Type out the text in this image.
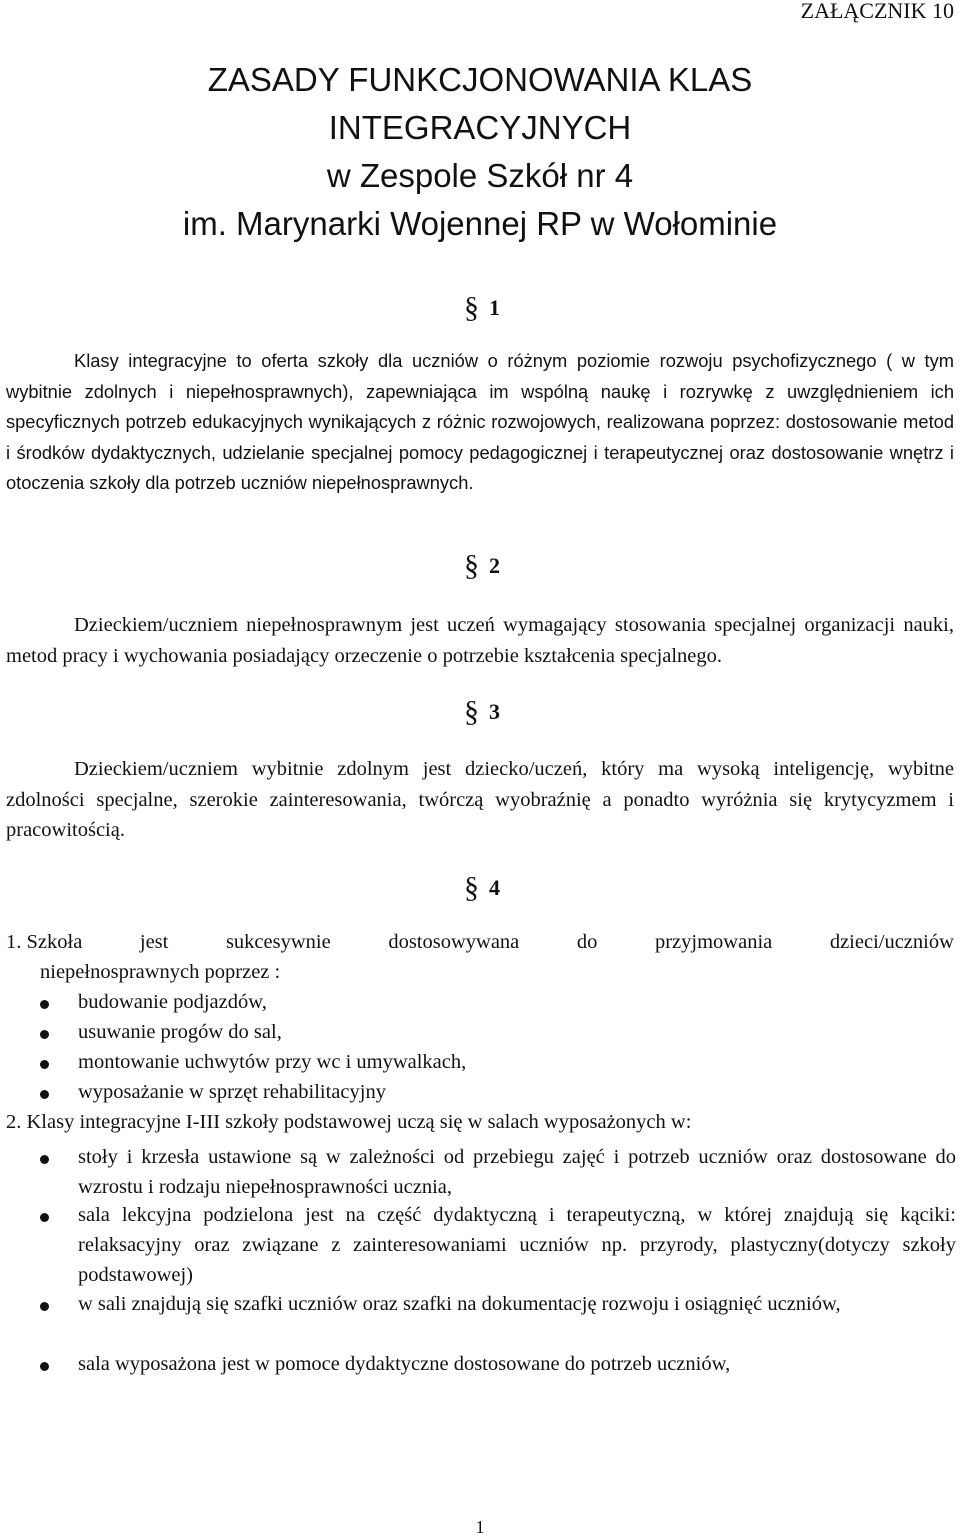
ZAŁĄCZNIK 10
ZASADY FUNKCJONOWANIA KLAS
INTEGRACYJNYCH
w Zespole Szkół nr 4
im. Marynarki Wojennej RP w Wołominie
§ 1
Klasy integracyjne to oferta szkoły dla uczniów o różnym poziomie rozwoju psychofizycznego ( w tym wybitnie zdolnych i niepełnosprawnych), zapewniająca im wspólną naukę i rozrywkę z uwzględnieniem ich specyficznych potrzeb edukacyjnych wynikających z różnic rozwojowych, realizowana poprzez: dostosowanie metod i środków dydaktycznych, udzielanie specjalnej pomocy pedagogicznej i terapeutycznej oraz dostosowanie wnętrz i otoczenia szkoły dla potrzeb uczniów niepełnosprawnych.
§ 2
Dzieckiem/uczniem niepełnosprawnym jest uczeń wymagający stosowania specjalnej organizacji nauki, metod pracy i wychowania posiadający orzeczenie o potrzebie kształcenia specjalnego.
§ 3
Dzieckiem/uczniem wybitnie zdolnym jest dziecko/uczeń, który ma wysoką inteligencję, wybitne zdolności specjalne, szerokie zainteresowania, twórczą wyobraźnię a ponadto wyróżnia się krytycyzmem i pracowitością.
§ 4
1. Szkoła	jest	sukcesywnie	dostosowywana	do	przyjmowania	dzieci/uczniów
niepełnosprawnych poprzez :
budowanie podjazdów,
usuwanie progów do sal,
montowanie uchwytów przy wc i umywalkach,
wyposażanie w sprzęt rehabilitacyjny
2. Klasy integracyjne I-III szkoły podstawowej uczą się w salach wyposażonych w:
stoły i krzesła ustawione są w zależności od przebiegu zajęć i potrzeb uczniów oraz dostosowane do wzrostu i rodzaju niepełnosprawności ucznia,
sala lekcyjna podzielona jest na część dydaktyczną i terapeutyczną, w której znajdują się kąciki: relaksacyjny oraz związane z zainteresowaniami uczniów np. przyrody, plastyczny(dotyczy szkoły podstawowej)
w sali znajdują się szafki uczniów oraz szafki na dokumentację rozwoju i osiągnięć uczniów,
sala wyposażona jest w pomoce dydaktyczne dostosowane do potrzeb uczniów,
1
